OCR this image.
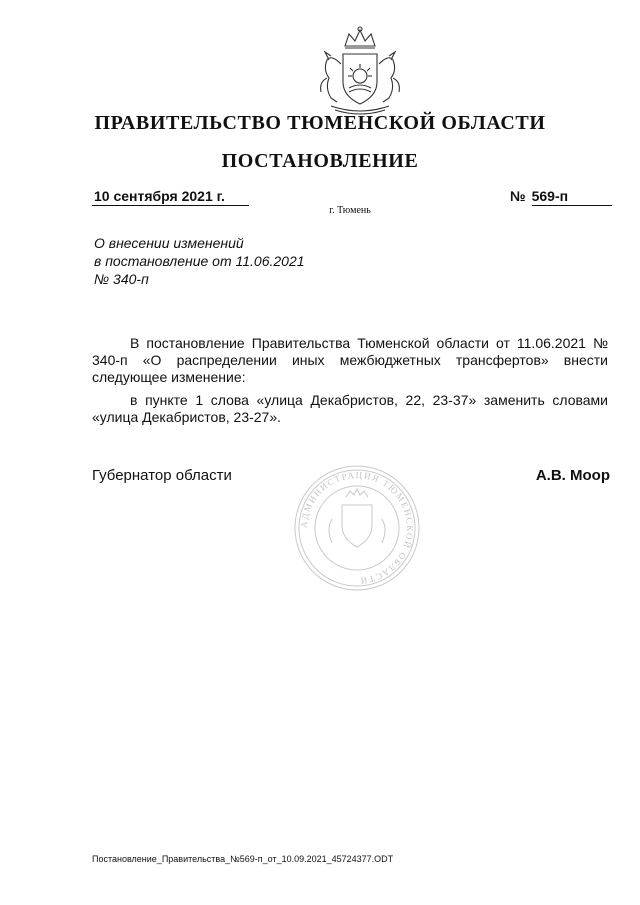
ПРАВИТЕЛЬСТВО ТЮМЕНСКОЙ ОБЛАСТИ
ПОСТАНОВЛЕНИЕ
10 сентября 2021 г.	№ 569-п
г. Тюмень
О внесении изменений
в постановление от 11.06.2021
№ 340-п

В постановление Правительства Тюменской области от 11.06.2021 № 340-п «О распределении иных межбюджетных трансфертов» внести следующее изменение:

в пункте 1 слова «улица Декабристов, 22, 23-37» заменить словами «улица Декабристов, 23-27».

АДМИНИСТРАЦИЯ ТЮМЕНСКОЙ ОБЛАСТИ
Губернатор области	А.В. Моор
Постановление_Правительства_№569-п_от_10.09.2021_45724377.ODT
